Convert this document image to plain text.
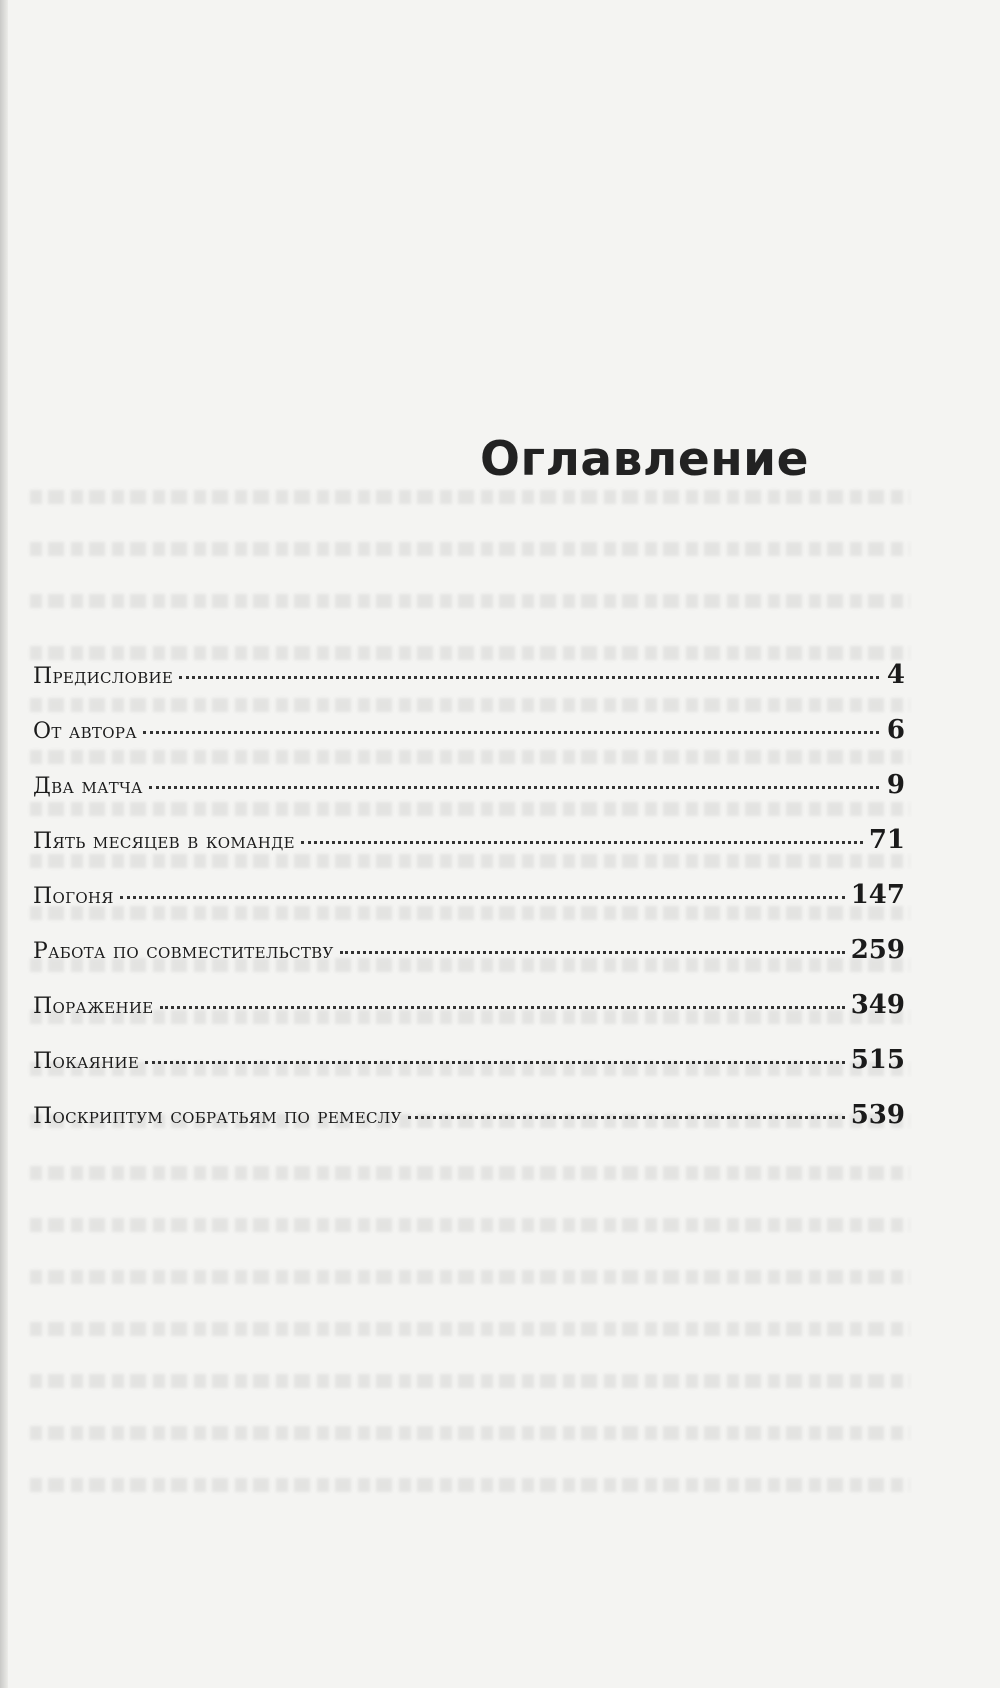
Оглавление
Предисловие	4
От автора	6
Два матча	9
Пять месяцев в команде	71
Погоня	147
Работа по совместительству	259
Поражение	349
Покаяние	515
Поскриптум собратьям по ремеслу	539
